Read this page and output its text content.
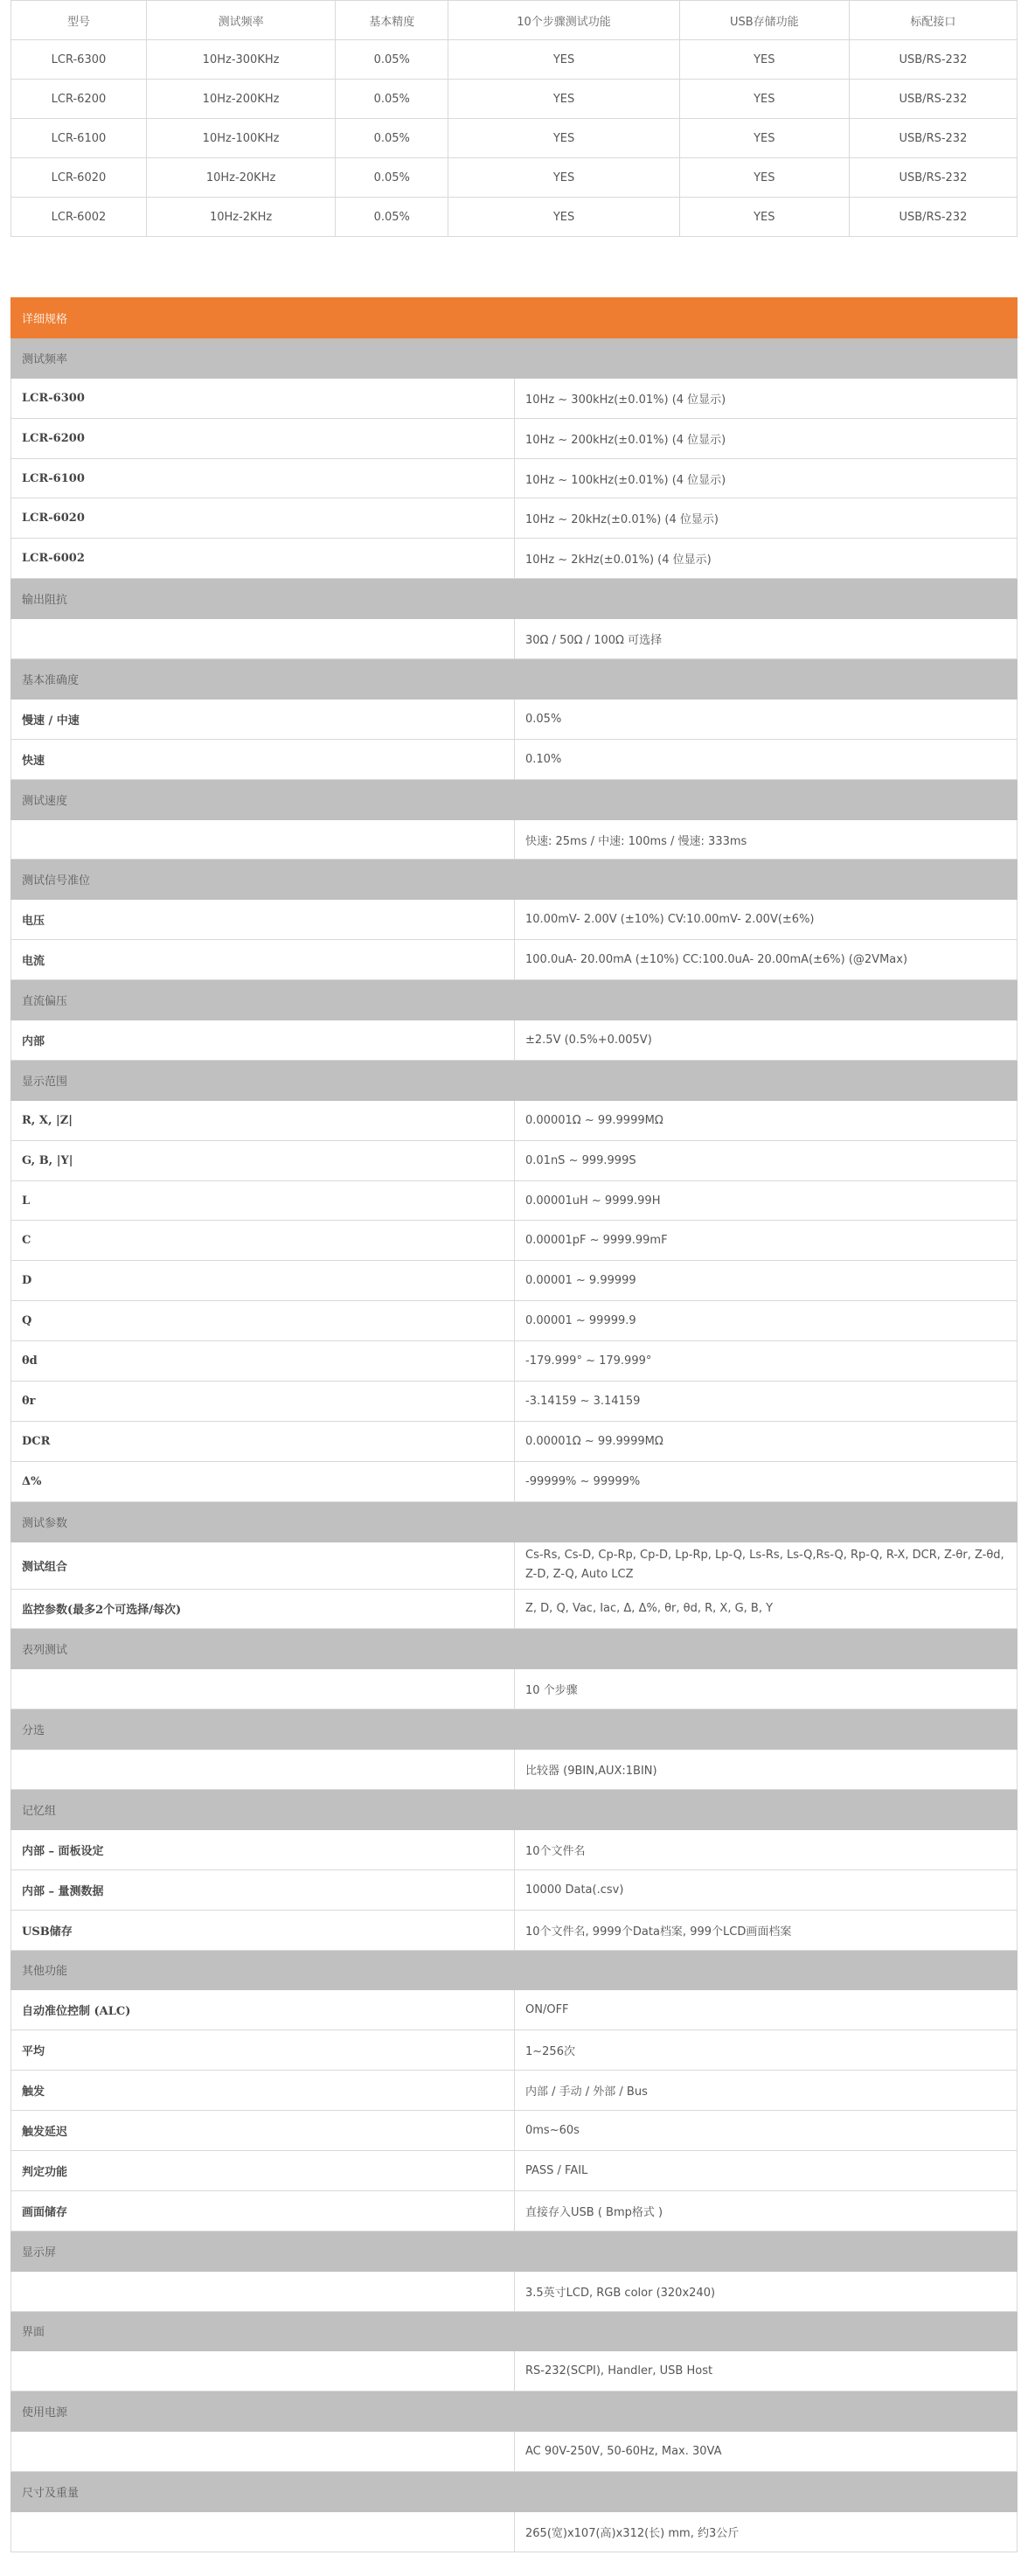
型号	测试频率	基本精度	10个步骤测试功能	USB存储功能	标配接口
LCR-6300	10Hz-300KHz	0.05%	YES	YES	USB/RS-232
LCR-6200	10Hz-200KHz	0.05%	YES	YES	USB/RS-232
LCR-6100	10Hz-100KHz	0.05%	YES	YES	USB/RS-232
LCR-6020	10Hz-20KHz	0.05%	YES	YES	USB/RS-232
LCR-6002	10Hz-2KHz	0.05%	YES	YES	USB/RS-232
详细规格	
测试频率	
LCR-6300	10Hz ~ 300kHz(±0.01%) (4 位显示)
LCR-6200	10Hz ~ 200kHz(±0.01%) (4 位显示)
LCR-6100	10Hz ~ 100kHz(±0.01%) (4 位显示)
LCR-6020	10Hz ~ 20kHz(±0.01%) (4 位显示)
LCR-6002	10Hz ~ 2kHz(±0.01%) (4 位显示)
输出阻抗	
	30Ω / 50Ω / 100Ω 可选择
基本准确度	
慢速 / 中速	0.05%
快速	0.10%
测试速度	
	快速: 25ms / 中速: 100ms / 慢速: 333ms
测试信号准位	
电压	10.00mV- 2.00V (±10%) CV:10.00mV- 2.00V(±6%)
电流	100.0uA- 20.00mA (±10%) CC:100.0uA- 20.00mA(±6%) (@2VMax)
直流偏压	
内部	±2.5V (0.5%+0.005V)
显示范围	
R, X, |Z|	0.00001Ω ~ 99.9999MΩ
G, B, |Y|	0.01nS ~ 999.999S
L	0.00001uH ~ 9999.99H
C	0.00001pF ~ 9999.99mF
D	0.00001 ~ 9.99999
Q	0.00001 ~ 99999.9
θd	-179.999° ~ 179.999°
θr	-3.14159 ~ 3.14159
DCR	0.00001Ω ~ 99.9999MΩ
Δ%	-99999% ~ 99999%
测试参数	
测试组合	Cs-Rs, Cs-D, Cp-Rp, Cp-D, Lp-Rp, Lp-Q, Ls-Rs, Ls-Q,Rs-Q, Rp-Q, R-X, DCR, Z-θr, Z-θd, Z-D, Z-Q, Auto LCZ
监控参数(最多2个可选择/每次)	Z, D, Q, Vac, Iac, Δ, Δ%, θr, θd, R, X, G, B, Y
表列测试	
	10 个步骤
分选	
	比较器 (9BIN,AUX:1BIN)
记忆组	
内部 – 面板设定	10个文件名
内部 – 量测数据	10000 Data(.csv)
USB储存	10个文件名, 9999个Data档案, 999个LCD画面档案
其他功能	
自动准位控制 (ALC)	ON/OFF
平均	1~256次
触发	内部 / 手动 / 外部 / Bus
触发延迟	0ms~60s
判定功能	PASS / FAIL
画面储存	直接存入USB ( Bmp格式 )
显示屏	
	3.5英寸LCD, RGB color (320x240)
界面	
	RS-232(SCPI), Handler, USB Host
使用电源	
	AC 90V-250V, 50-60Hz, Max. 30VA
尺寸及重量	
	265(宽)x107(高)x312(长) mm, 约3公斤
